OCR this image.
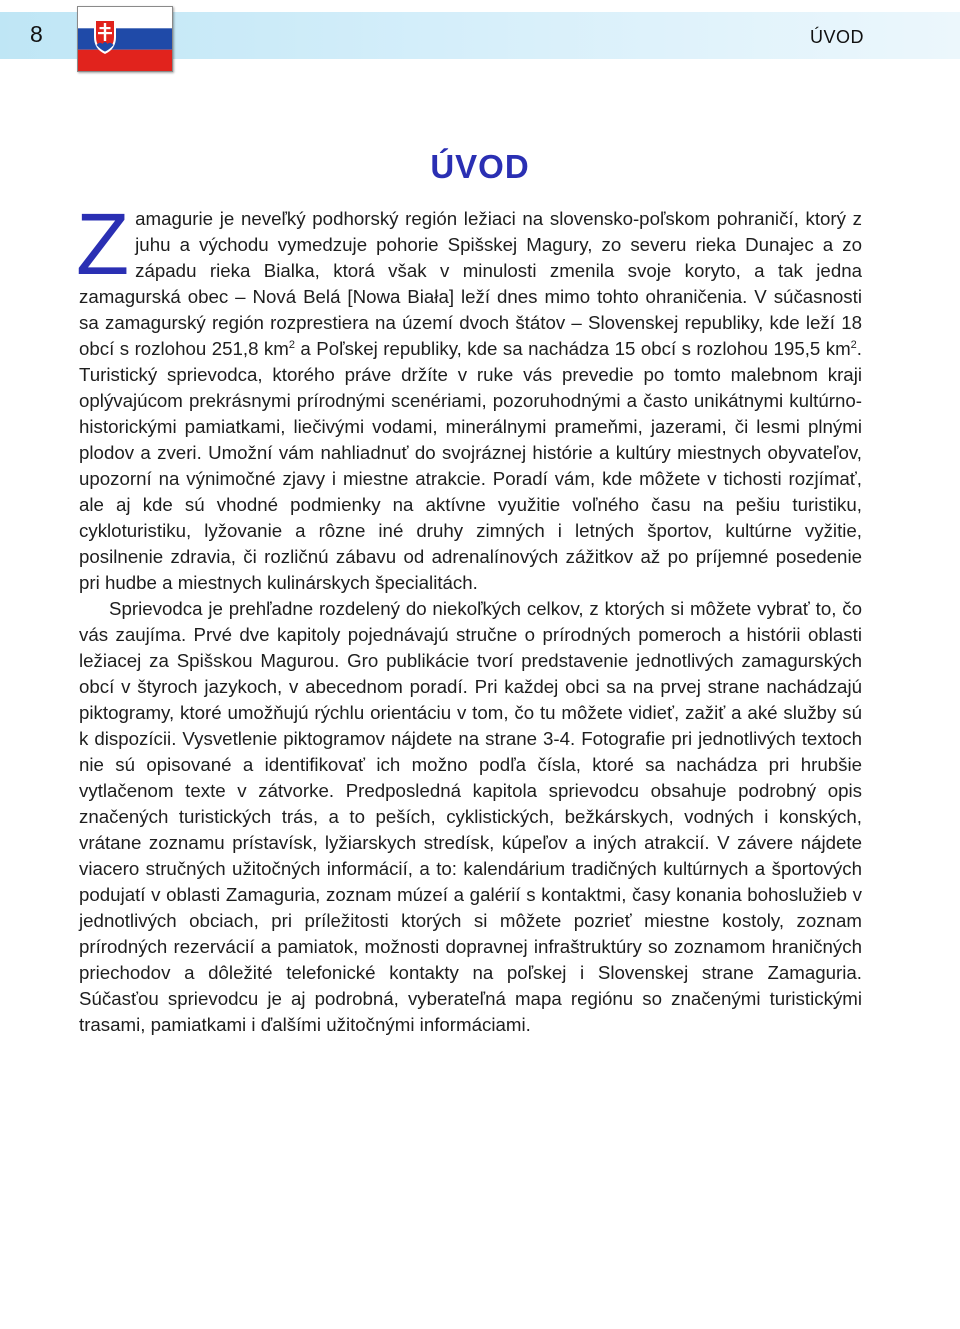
8	ÚVOD
ÚVOD

Zamagurie je neveľký podhorský región ležiaci na slovensko-poľskom pohraničí, ktorý z juhu a východu vymedzuje pohorie Spišskej Magury, zo severu rieka Dunajec a zo západu rieka Bialka, ktorá však v minulosti zmenila svoje koryto, a tak jedna zamagurská obec – Nová Belá [Nowa Biała] leží dnes mimo tohto ohraničenia. V súčasnosti sa zamagurský región rozprestiera na území dvoch štátov – Slovenskej republiky, kde leží 18 obcí s rozlohou 251,8 $km^2$ a Poľskej republiky, kde sa nachádza 15 obcí s rozlohou 195,5 $km^2$. Turistický sprievodca, ktorého práve držíte v ruke vás prevedie po tomto malebnom kraji oplývajúcom prekrásnymi prírodnými scenériami, pozoruhodnými a často unikátnymi kultúrno-historickými pamiatkami, liečivými vodami, minerálnymi prameňmi, jazerami, či lesmi plnými plodov a zveri. Umožní vám nahliadnuť do svojráznej histórie a kultúry miestnych obyvateľov, upozorní na výnimočné zjavy i miestne atrakcie. Poradí vám, kde môžete v tichosti rozjímať, ale aj kde sú vhodné podmienky na aktívne využitie voľného času na pešiu turistiku, cykloturistiku, lyžovanie a rôzne iné druhy zimných i letných športov, kultúrne vyžitie, posilnenie zdravia, či rozličnú zábavu od adrenalínových zážitkov až po príjemné posedenie pri hudbe a miestnych kulinárskych špecialitách.

Sprievodca je prehľadne rozdelený do niekoľkých celkov, z ktorých si môžete vybrať to, čo vás zaujíma. Prvé dve kapitoly pojednávajú stručne o prírodných pomeroch a histórii oblasti ležiacej za Spišskou Magurou. Gro publikácie tvorí predstavenie jednotlivých zamagurských obcí v štyroch jazykoch, v abecednom poradí. Pri každej obci sa na prvej strane nachádzajú piktogramy, ktoré umožňujú rýchlu orientáciu v tom, čo tu môžete vidieť, zažiť a aké služby sú k dispozícii. Vysvetlenie piktogramov nájdete na strane 3-4. Fotografie pri jednotlivých textoch nie sú opisované a identifikovať ich možno podľa čísla, ktoré sa nachádza pri hrubšie vytlačenom texte v zátvorke. Predposledná kapitola sprievodcu obsahuje podrobný opis značených turistických trás, a to peších, cyklistických, bežkárskych, vodných i konských, vrátane zoznamu prístavísk, lyžiarskych stredísk, kúpeľov a iných atrakcií. V závere nájdete viacero stručných užitočných informácií, a to: kalendárium tradičných kultúrnych a športových podujatí v oblasti Zamaguria, zoznam múzeí a galérií s kontaktmi, časy konania bohoslužieb v jednotlivých obciach, pri príležitosti ktorých si môžete pozrieť miestne kostoly, zoznam prírodných rezervácií a pamiatok, možnosti dopravnej infraštruktúry so zoznamom hraničných priechodov a dôležité telefonické kontakty na poľskej i Slovenskej strane Zamaguria. Súčasťou sprievodcu je aj podrobná, vyberateľná mapa regiónu so značenými turistickými trasami, pamiatkami i ďalšími užitočnými informáciami.
